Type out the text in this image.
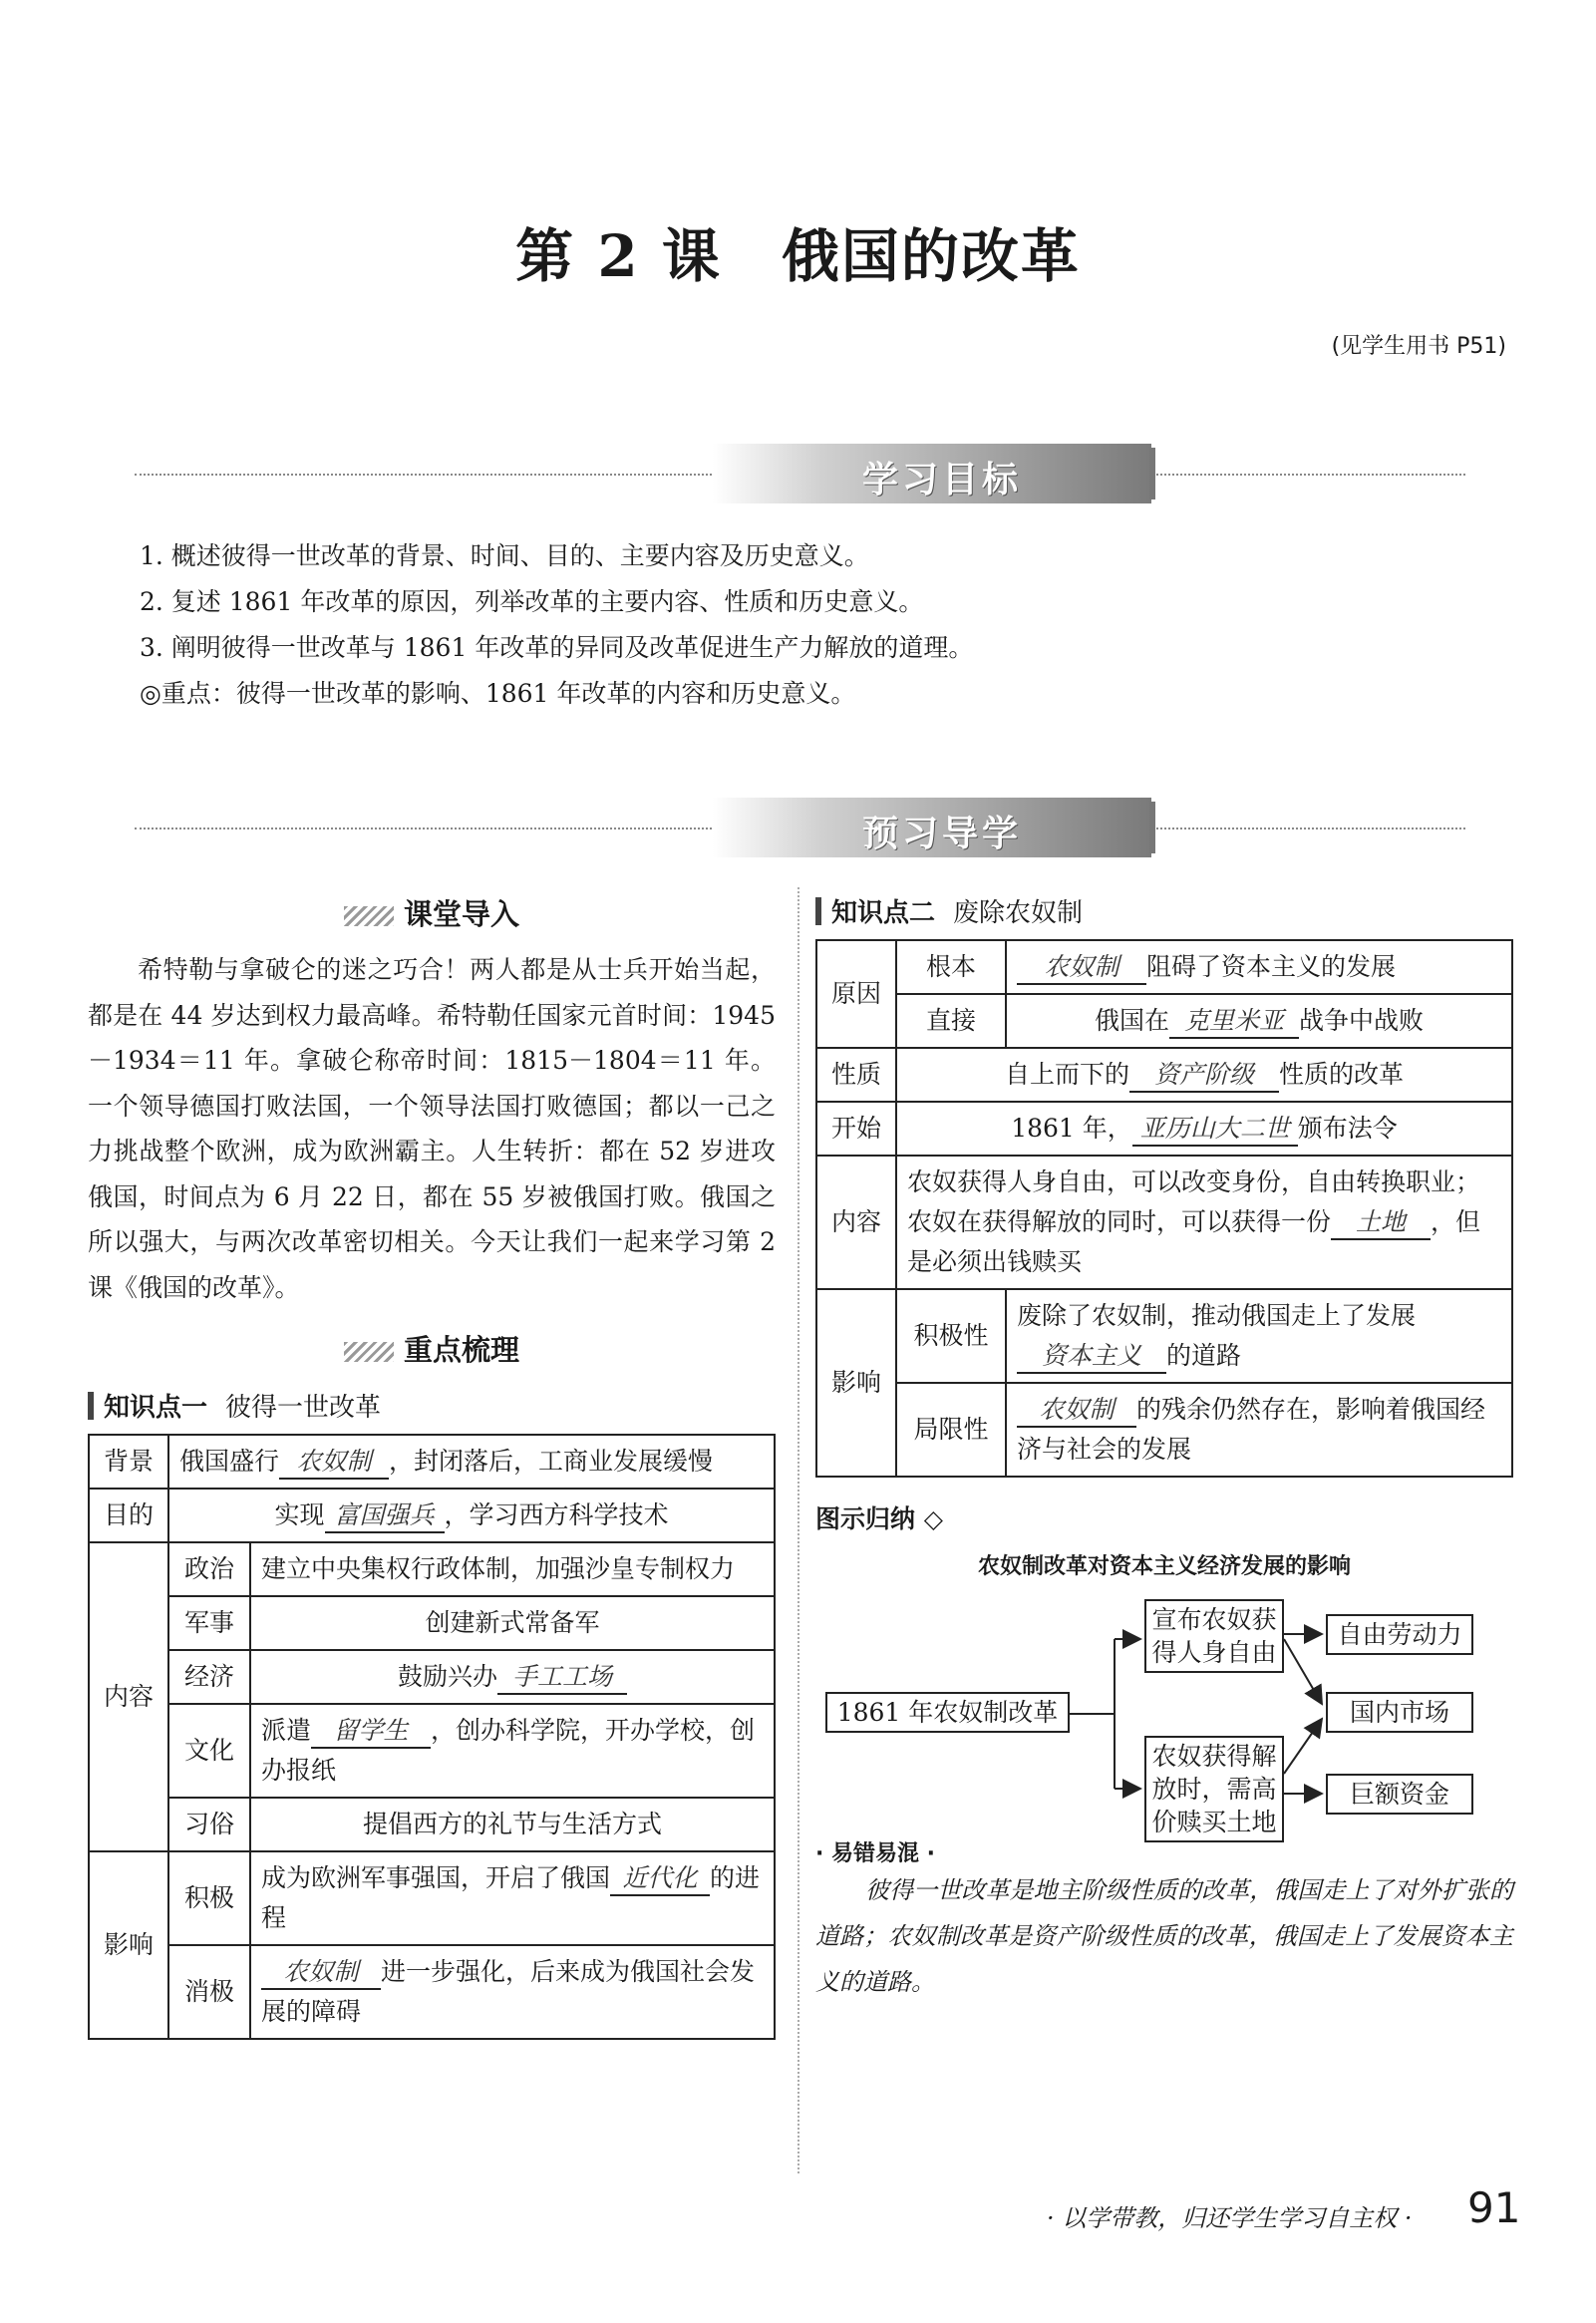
第 2 课　俄国的改革
(见学生用书 P51)
学习目标
1. 概述彼得一世改革的背景、时间、目的、主要内容及历史意义。
2. 复述 1861 年改革的原因，列举改革的主要内容、性质和历史意义。
3. 阐明彼得一世改革与 1861 年改革的异同及改革促进生产力解放的道理。
◎重点：彼得一世改革的影响、1861 年改革的内容和历史意义。
预习导学
课堂导入

希特勒与拿破仑的迷之巧合！两人都是从士兵开始当起，都是在 44 岁达到权力最高峰。希特勒任国家元首时间：1945－1934＝11 年。拿破仑称帝时间：1815－1804＝11 年。一个领导德国打败法国，一个领导法国打败德国；都以一己之力挑战整个欧洲，成为欧洲霸主。人生转折：都在 52 岁进攻俄国，时间点为 6 月 22 日，都在 55 岁被俄国打败。俄国之所以强大，与两次改革密切相关。今天让我们一起来学习第 2 课《俄国的改革》。

重点梳理
知识点一 彼得一世改革
背景	俄国盛行 农奴制 ，封闭落后，工商业发展缓慢	
目的	实现 富国强兵 ，学习西方科学技术	
内容	政治	建立中央集权行政体制，加强沙皇专制权力
	军事	创建新式常备军
	经济	鼓励兴办 手工工场
	文化	派遣 留学生 ，创办科学院，开办学校，创办报纸
	习俗	提倡西方的礼节与生活方式
影响	积极	成为欧洲军事强国，开启了俄国 近代化 的进程
	消极	农奴制 进一步强化，后来成为俄国社会发展的障碍
知识点二 废除农奴制
原因	根本	农奴制 阻碍了资本主义的发展
	直接	俄国在 克里米亚 战争中战败
性质	自上而下的 资产阶级 性质的改革	
开始	1861 年， 亚历山大二世 颁布法令	
内容	农奴获得人身自由，可以改变身份，自由转换职业；农奴在获得解放的同时，可以获得一份 土地 ，但是必须出钱赎买	
影响	积极性	废除了农奴制，推动俄国走上了发展资本主义 的道路
	局限性	农奴制 的残余仍然存在，影响着俄国经济与社会的发展
图示归纳 ◇
农奴制改革对资本主义经济发展的影响
1861 年农奴制改革
宣布农奴获得人身自由
农奴获得解放时，需高价赎买土地
自由劳动力
国内市场
巨额资金
· 易错易混 ·

彼得一世改革是地主阶级性质的改革，俄国走上了对外扩张的道路；农奴制改革是资产阶级性质的改革，俄国走上了发展资本主义的道路。

· 以学带教，归还学生学习自主权 · 91
